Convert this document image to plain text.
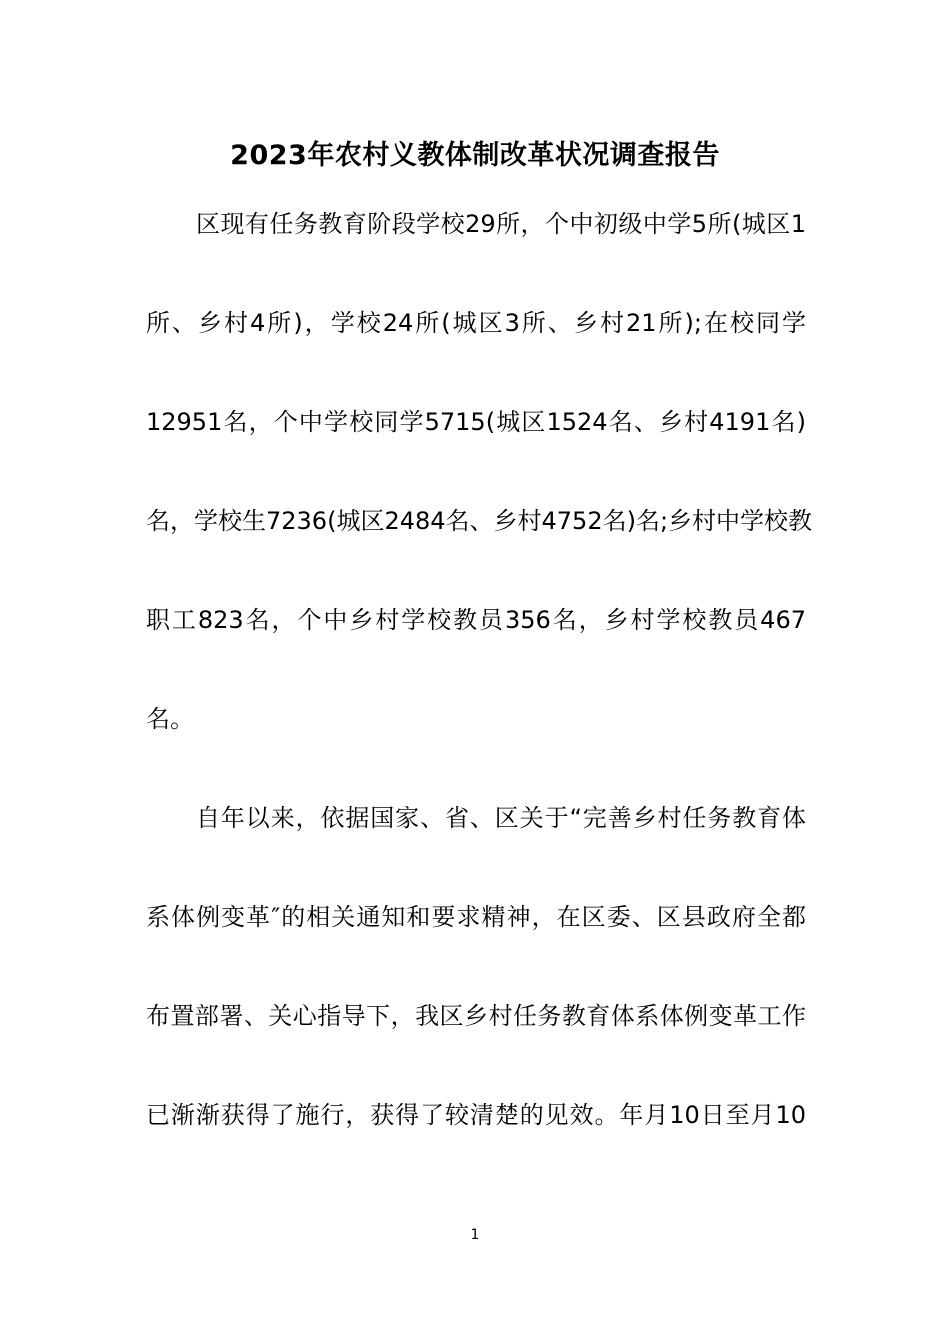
2023年农村义教体制改革状况调查报告
区现有任务教育阶段学校29所，个中初级中学5所(城区1
所、乡村4所)，学校24所(城区3所、乡村21所);在校同学
12951名，个中学校同学5715(城区1524名、乡村4191名)
名，学校生7236(城区2484名、乡村4752名)名;乡村中学校教
职工823名，个中乡村学校教员356名，乡村学校教员467
名。
自年以来，依据国家、省、区关于“完善乡村任务教育体
系体例变革″的相关通知和要求精神，在区委、区县政府全都
布置部署、关心指导下，我区乡村任务教育体系体例变革工作
已渐渐获得了施行，获得了较清楚的见效。年月10日至月10
1
